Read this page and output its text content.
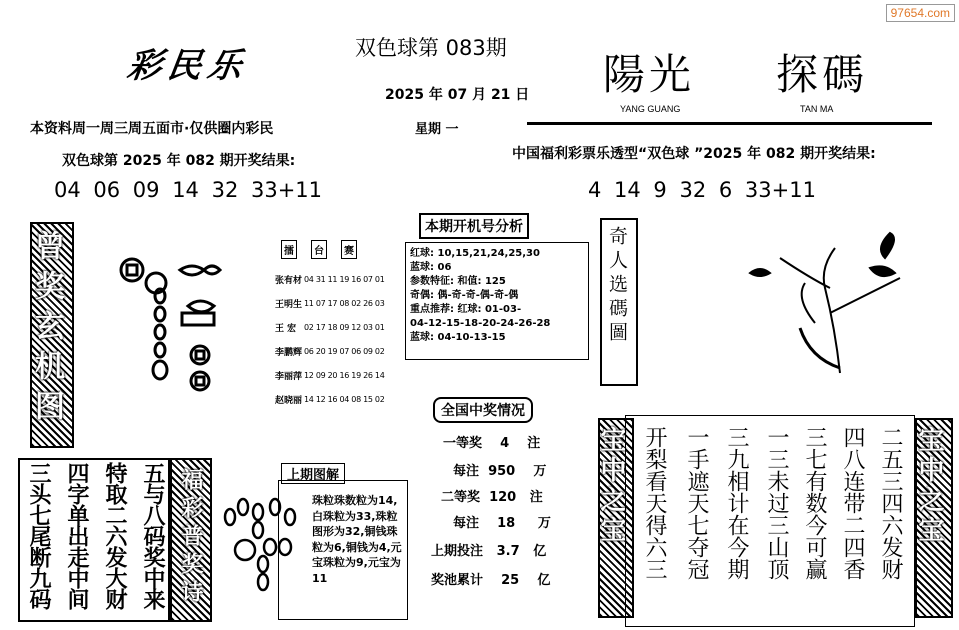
97654.com
彩民乐	双色球第 083期
2025 年 07 月 21 日
星期 一
陽光 探碼
YANG GUANG	TAN MA
本资料周一周三周五面市·仅供圈内彩民
双色球第 2025 年 082 期开奖结果:
04 06 09 14 32 33+11
中国福利彩票乐透型“双色球 ”2025 年 082 期开奖结果:
4 14 9 32 6 33+11
曾奖玄机图	擂	台	赛
张有材 04 31 11 19 16 07 01
王明生 11 07 17 08 02 26 03
王 宏 02 17 18 09 12 03 01
李鹏辉 06 20 19 07 06 09 02
李丽萍 12 09 20 16 19 26 14
赵晓丽 14 12 16 04 08 15 02
本期开机号分析
红球: 10,15,21,24,25,30
蓝球: 06
参数特征: 和值: 125
奇偶: 偶-奇-奇-偶-奇-偶
重点推荐: 红球: 01-03-
04-12-15-18-20-24-26-28
蓝球: 04-10-13-15	奇人选碼圖
全国中奖情况
一等奖 4 注
每注 950 万
二等奖 120 注
每注 18 万
上期投注 3.7 亿
奖池累计 25 亿
五与八码奖中来
特取二六发大财
四字单出走中间
三头七尾断九码	福彩普奖诗	上期图解
珠粒珠数粒为14,白珠粒为33,珠粒图形为32,铜钱珠粒为6,铜钱为4,元宝珠粒为9,元宝为11
宝中之宝	二五三四六发财
四八连带二四香
三七有数今可赢
一三未过三山顶
三九相计在今期
一手遮天七夺冠
开梨看天得六三	宝中之宝
